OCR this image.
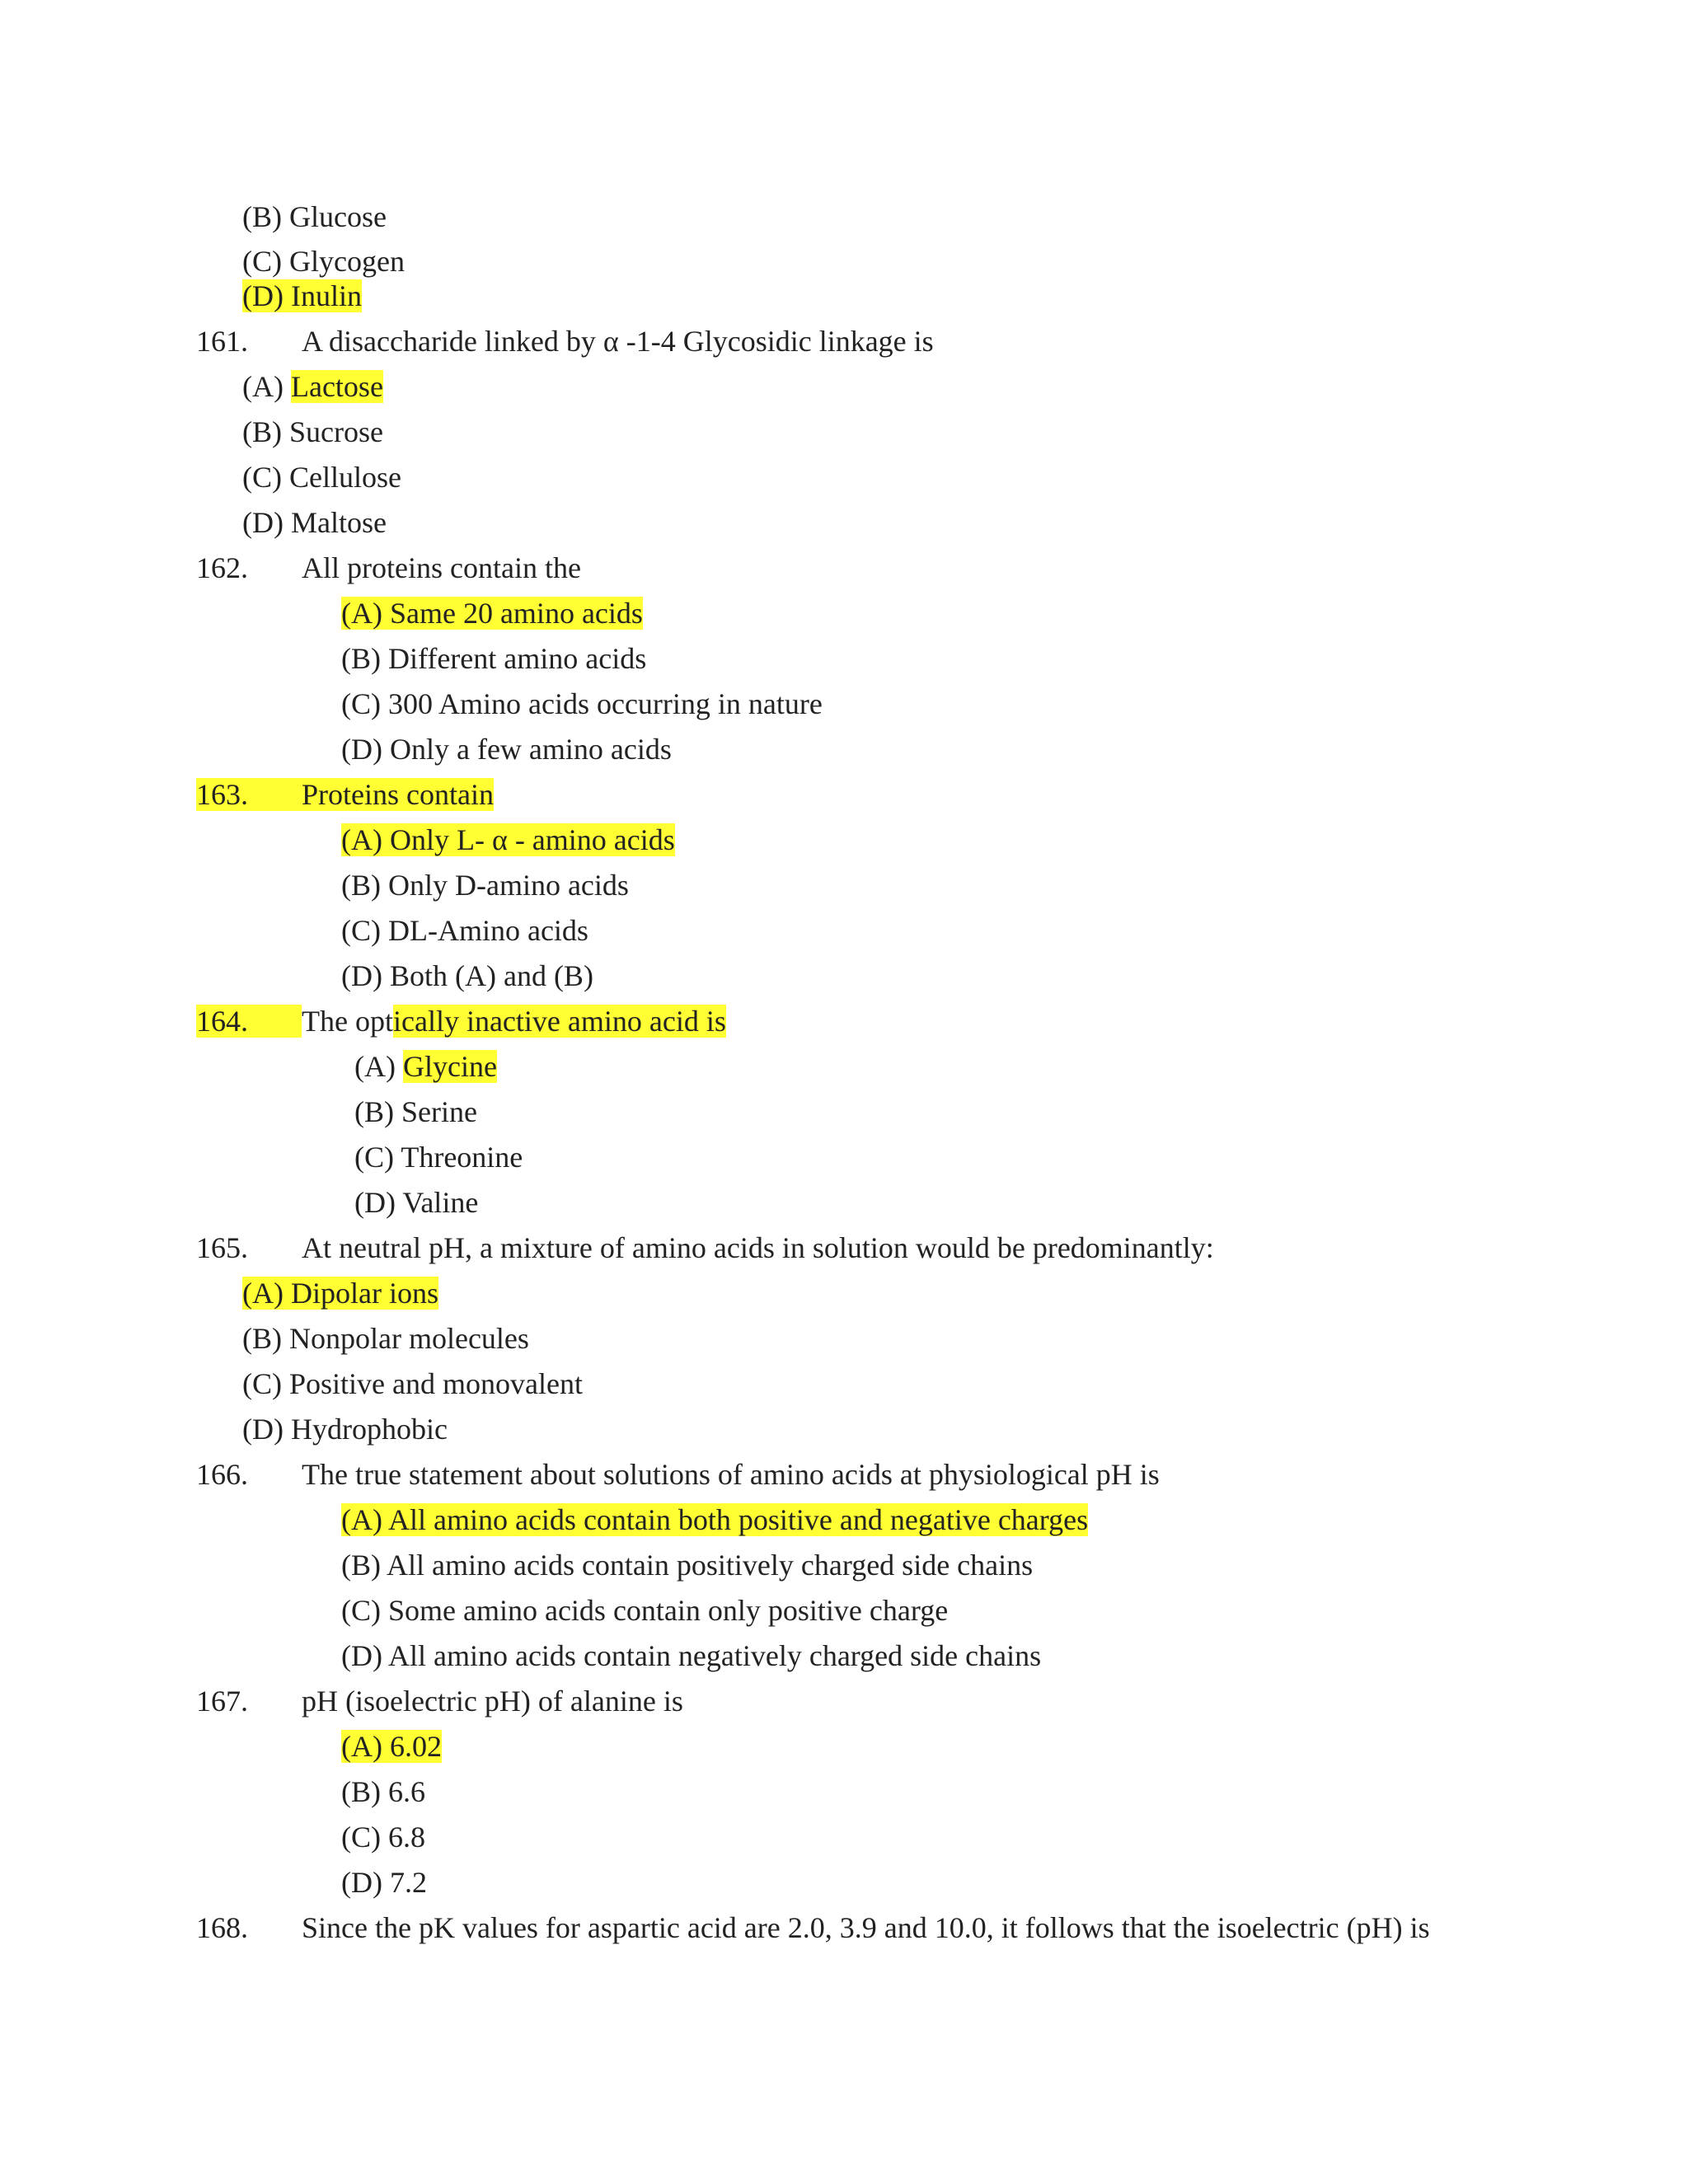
(B) Glucose
(C) Glycogen
(D) Inulin
161. A disaccharide linked by α -1-4 Glycosidic linkage is
(A) Lactose
(B) Sucrose
(C) Cellulose
(D) Maltose
162. All proteins contain the
(A) Same 20 amino acids
(B) Different amino acids
(C) 300 Amino acids occurring in nature
(D) Only a few amino acids
163. Proteins contain
(A) Only L- α - amino acids
(B) Only D-amino acids
(C) DL-Amino acids
(D) Both (A) and (B)
164. The optically inactive amino acid is
(A) Glycine
(B) Serine
(C) Threonine
(D) Valine
165. At neutral pH, a mixture of amino acids in solution would be predominantly:
(A) Dipolar ions
(B) Nonpolar molecules
(C) Positive and monovalent
(D) Hydrophobic
166. The true statement about solutions of amino acids at physiological pH is
(A) All amino acids contain both positive and negative charges
(B) All amino acids contain positively charged side chains
(C) Some amino acids contain only positive charge
(D) All amino acids contain negatively charged side chains
167. pH (isoelectric pH) of alanine is
(A) 6.02
(B) 6.6
(C) 6.8
(D) 7.2
168. Since the pK values for aspartic acid are 2.0, 3.9 and 10.0, it follows that the isoelectric (pH) is
